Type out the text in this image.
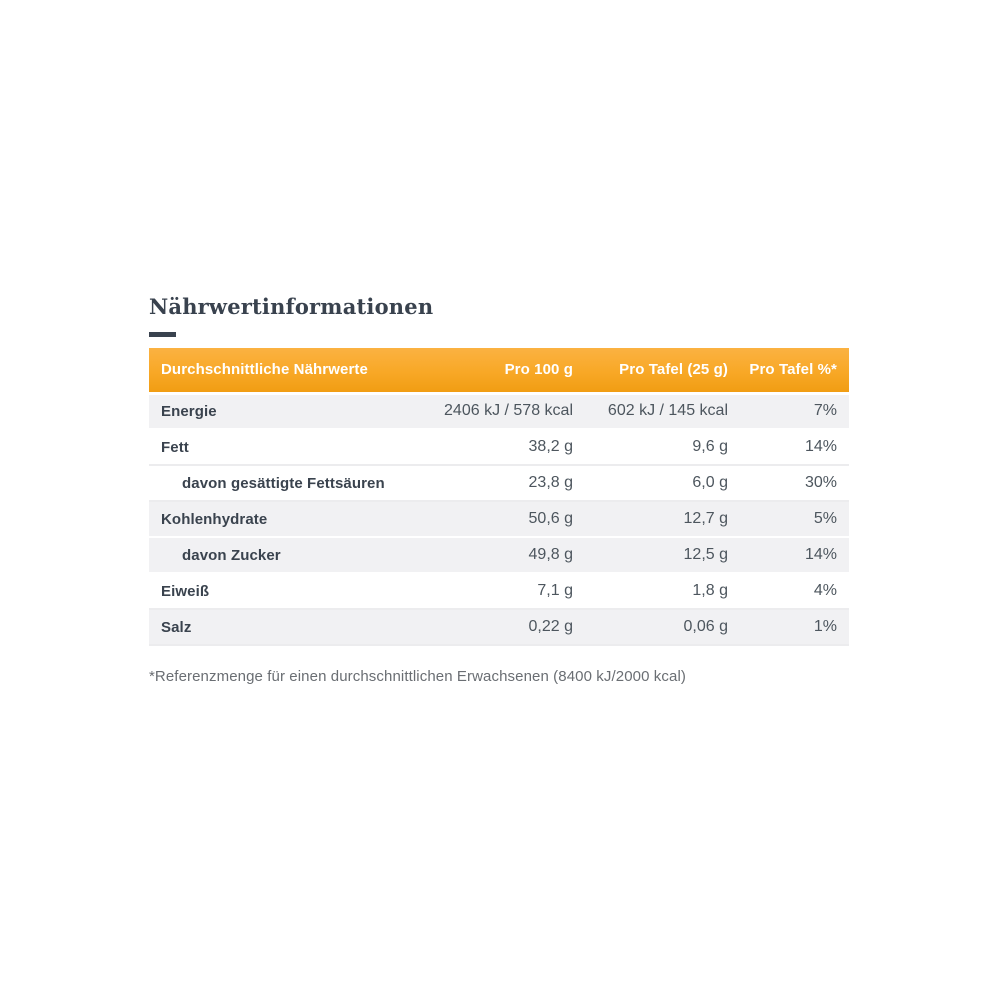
Nährwertinformationen
Durchschnittliche Nährwerte	Pro 100 g	Pro Tafel (25 g)	Pro Tafel %*
Energie	2406 kJ / 578 kcal	602 kJ / 145 kcal	7%
Fett	38,2 g	9,6 g	14%
davon gesättigte Fettsäuren	23,8 g	6,0 g	30%
Kohlenhydrate	50,6 g	12,7 g	5%
davon Zucker	49,8 g	12,5 g	14%
Eiweiß	7,1 g	1,8 g	4%
Salz	0,22 g	0,06 g	1%

*Referenzmenge für einen durchschnittlichen Erwachsenen (8400 kJ/2000 kcal)
